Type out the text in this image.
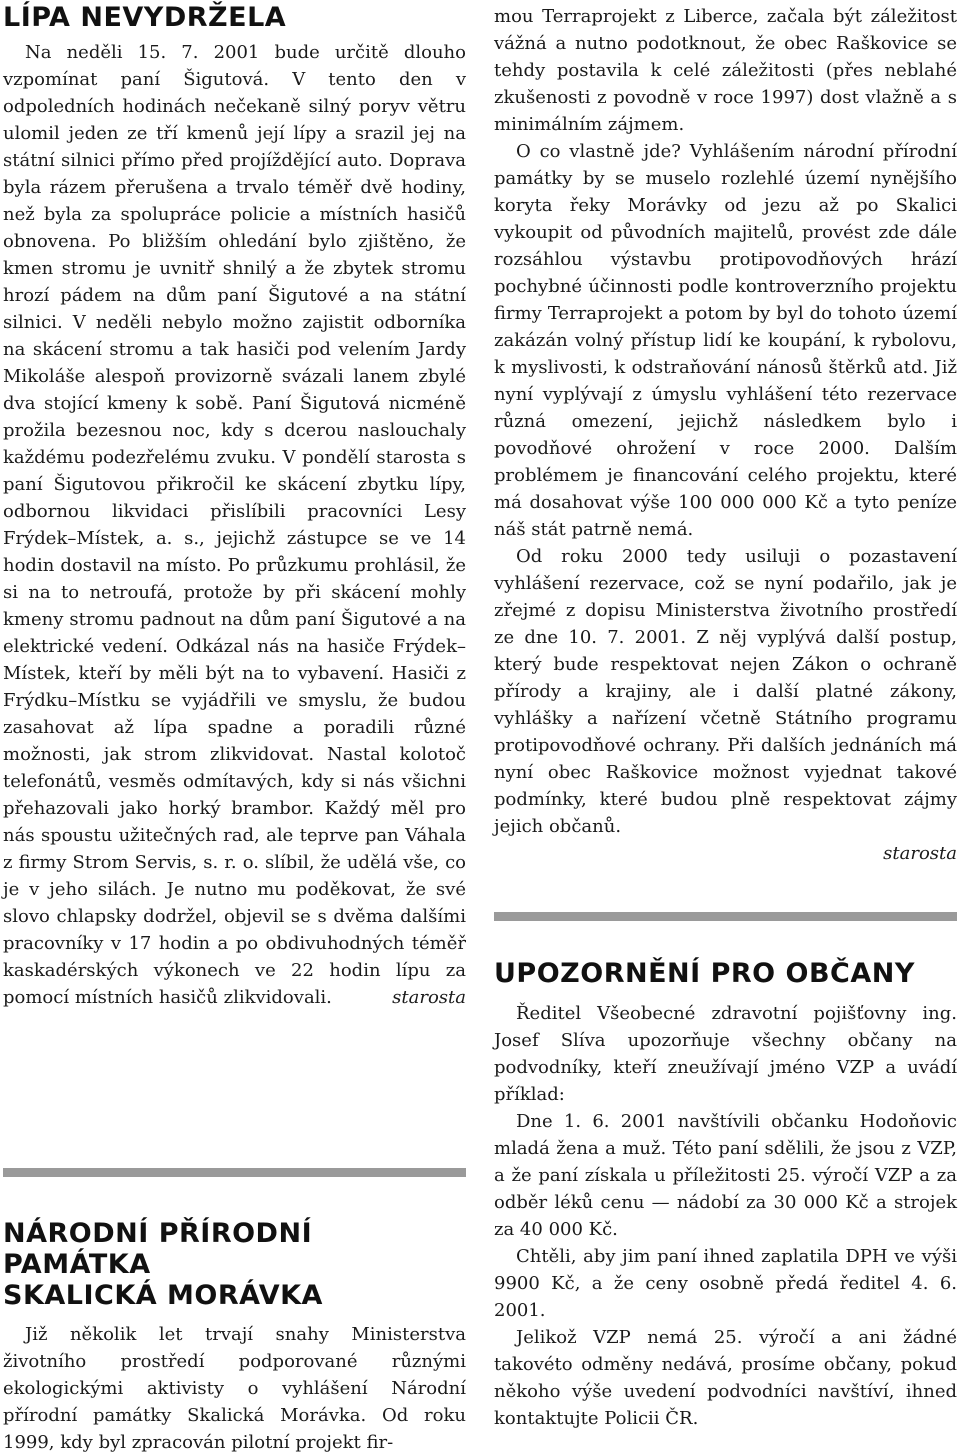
LÍPA NEVYDRŽELA

Na neděli 15. 7. 2001 bude určitě dlouho vzpomínat paní Šigutová. V tento den v odpoledních hodinách nečekaně silný poryv větru ulomil jeden ze tří kmenů její lípy a srazil jej na státní silnici přímo před projíždějící auto. Doprava byla rázem přerušena a trvalo téměř dvě hodiny, než byla za spolupráce policie a místních hasičů obnovena. Po bližším ohledání bylo zjištěno, že kmen stromu je uvnitř shnilý a že zbytek stromu hrozí pádem na dům paní Šigutové a na státní silnici. V neděli nebylo možno zajistit odborníka na skácení stromu a tak hasiči pod velením Jardy Mikoláše alespoň provizorně svázali lanem zbylé dva stojící kmeny k sobě. Paní Šigutová nicméně prožila bezesnou noc, kdy s dcerou naslouchaly každému podezřelému zvuku. V pondělí starosta s paní Šigutovou přikročil ke skácení zbytku lípy, odbornou likvidaci přislíbili pracovníci Lesy Frýdek–Místek, a. s., jejichž zástupce se ve 14 hodin dostavil na místo. Po průzkumu prohlásil, že si na to netroufá, protože by při skácení mohly kmeny stromu padnout na dům paní Šigutové a na elektrické vedení. Odkázal nás na hasiče Frýdek–Místek, kteří by měli být na to vybavení. Hasiči z Frýdku–Místku se vyjádřili ve smyslu, že budou zasahovat až lípa spadne a poradili různé možnosti, jak strom zlikvidovat. Nastal kolotoč telefonátů, vesměs odmítavých, kdy si nás všichni přehazovali jako horký brambor. Každý měl pro nás spoustu užitečných rad, ale teprve pan Váhala z firmy Strom Servis, s. r. o. slíbil, že udělá vše, co je v jeho silách. Je nutno mu poděkovat, že své slovo chlapsky dodržel, objevil se s dvěma dalšími pracovníky v 17 hodin a po obdivuhodných téměř kaskadérských výkonech ve 22 hodin lípu za pomocí místních hasičů zlikvidovali.	starosta

NÁRODNÍ PŘÍRODNÍ PAMÁTKA
SKALICKÁ MORÁVKA

Již několik let trvají snahy Ministerstva životního prostředí podporované různými ekologickými aktivisty o vyhlášení Národní přírodní památky Skalická Morávka. Od roku 1999, kdy byl zpracován pilotní projekt fir-

mou Terraprojekt z Liberce, začala být záležitost vážná a nutno podotknout, že obec Raškovice se tehdy postavila k celé záležitosti (přes neblahé zkušenosti z povodně v roce 1997) dost vlažně a s minimálním zájmem.

O co vlastně jde? Vyhlášením národní přírodní památky by se muselo rozlehlé území nynějšího koryta řeky Morávky od jezu až po Skalici vykoupit od původních majitelů, provést zde dále rozsáhlou výstavbu protipovodňových hrází pochybné účinnosti podle kontroverzního projektu firmy Terraprojekt a potom by byl do tohoto území zakázán volný přístup lidí ke koupání, k rybolovu, k myslivosti, k odstraňování nánosů štěrků atd. Již nyní vyplývají z úmyslu vyhlášení této rezervace různá omezení, jejichž následkem bylo i povodňové ohrožení v roce 2000. Dalším problémem je financování celého projektu, které má dosahovat výše 100 000 000 Kč a tyto peníze náš stát patrně nemá.

Od roku 2000 tedy usiluji o pozastavení vyhlášení rezervace, což se nyní podařilo, jak je zřejmé z dopisu Ministerstva životního prostředí ze dne 10. 7. 2001. Z něj vyplývá další postup, který bude respektovat nejen Zákon o ochraně přírody a krajiny, ale i další platné zákony, vyhlášky a nařízení včetně Státního programu protipovodňové ochrany. Při dalších jednáních má nyní obec Raškovice možnost vyjednat takové podmínky, které budou plně respektovat zájmy jejich občanů.

starosta
UPOZORNĚNÍ PRO OBČANY

Ředitel Všeobecné zdravotní pojišťovny ing. Josef Slíva upozorňuje všechny občany na podvodníky, kteří zneužívají jméno VZP a uvádí příklad:

Dne 1. 6. 2001 navštívili občanku Hodoňovic mladá žena a muž. Této paní sdělili, že jsou z VZP, a že paní získala u příležitosti 25. výročí VZP a za odběr léků cenu — nádobí za 30 000 Kč a strojek za 40 000 Kč.

Chtěli, aby jim paní ihned zaplatila DPH ve výši 9900 Kč, a že ceny osobně předá ředitel 4. 6. 2001.

Jelikož VZP nemá 25. výročí a ani žádné takovéto odměny nedává, prosíme občany, pokud někoho výše uvedení podvodníci navštíví, ihned kontaktujte Policii ČR.
